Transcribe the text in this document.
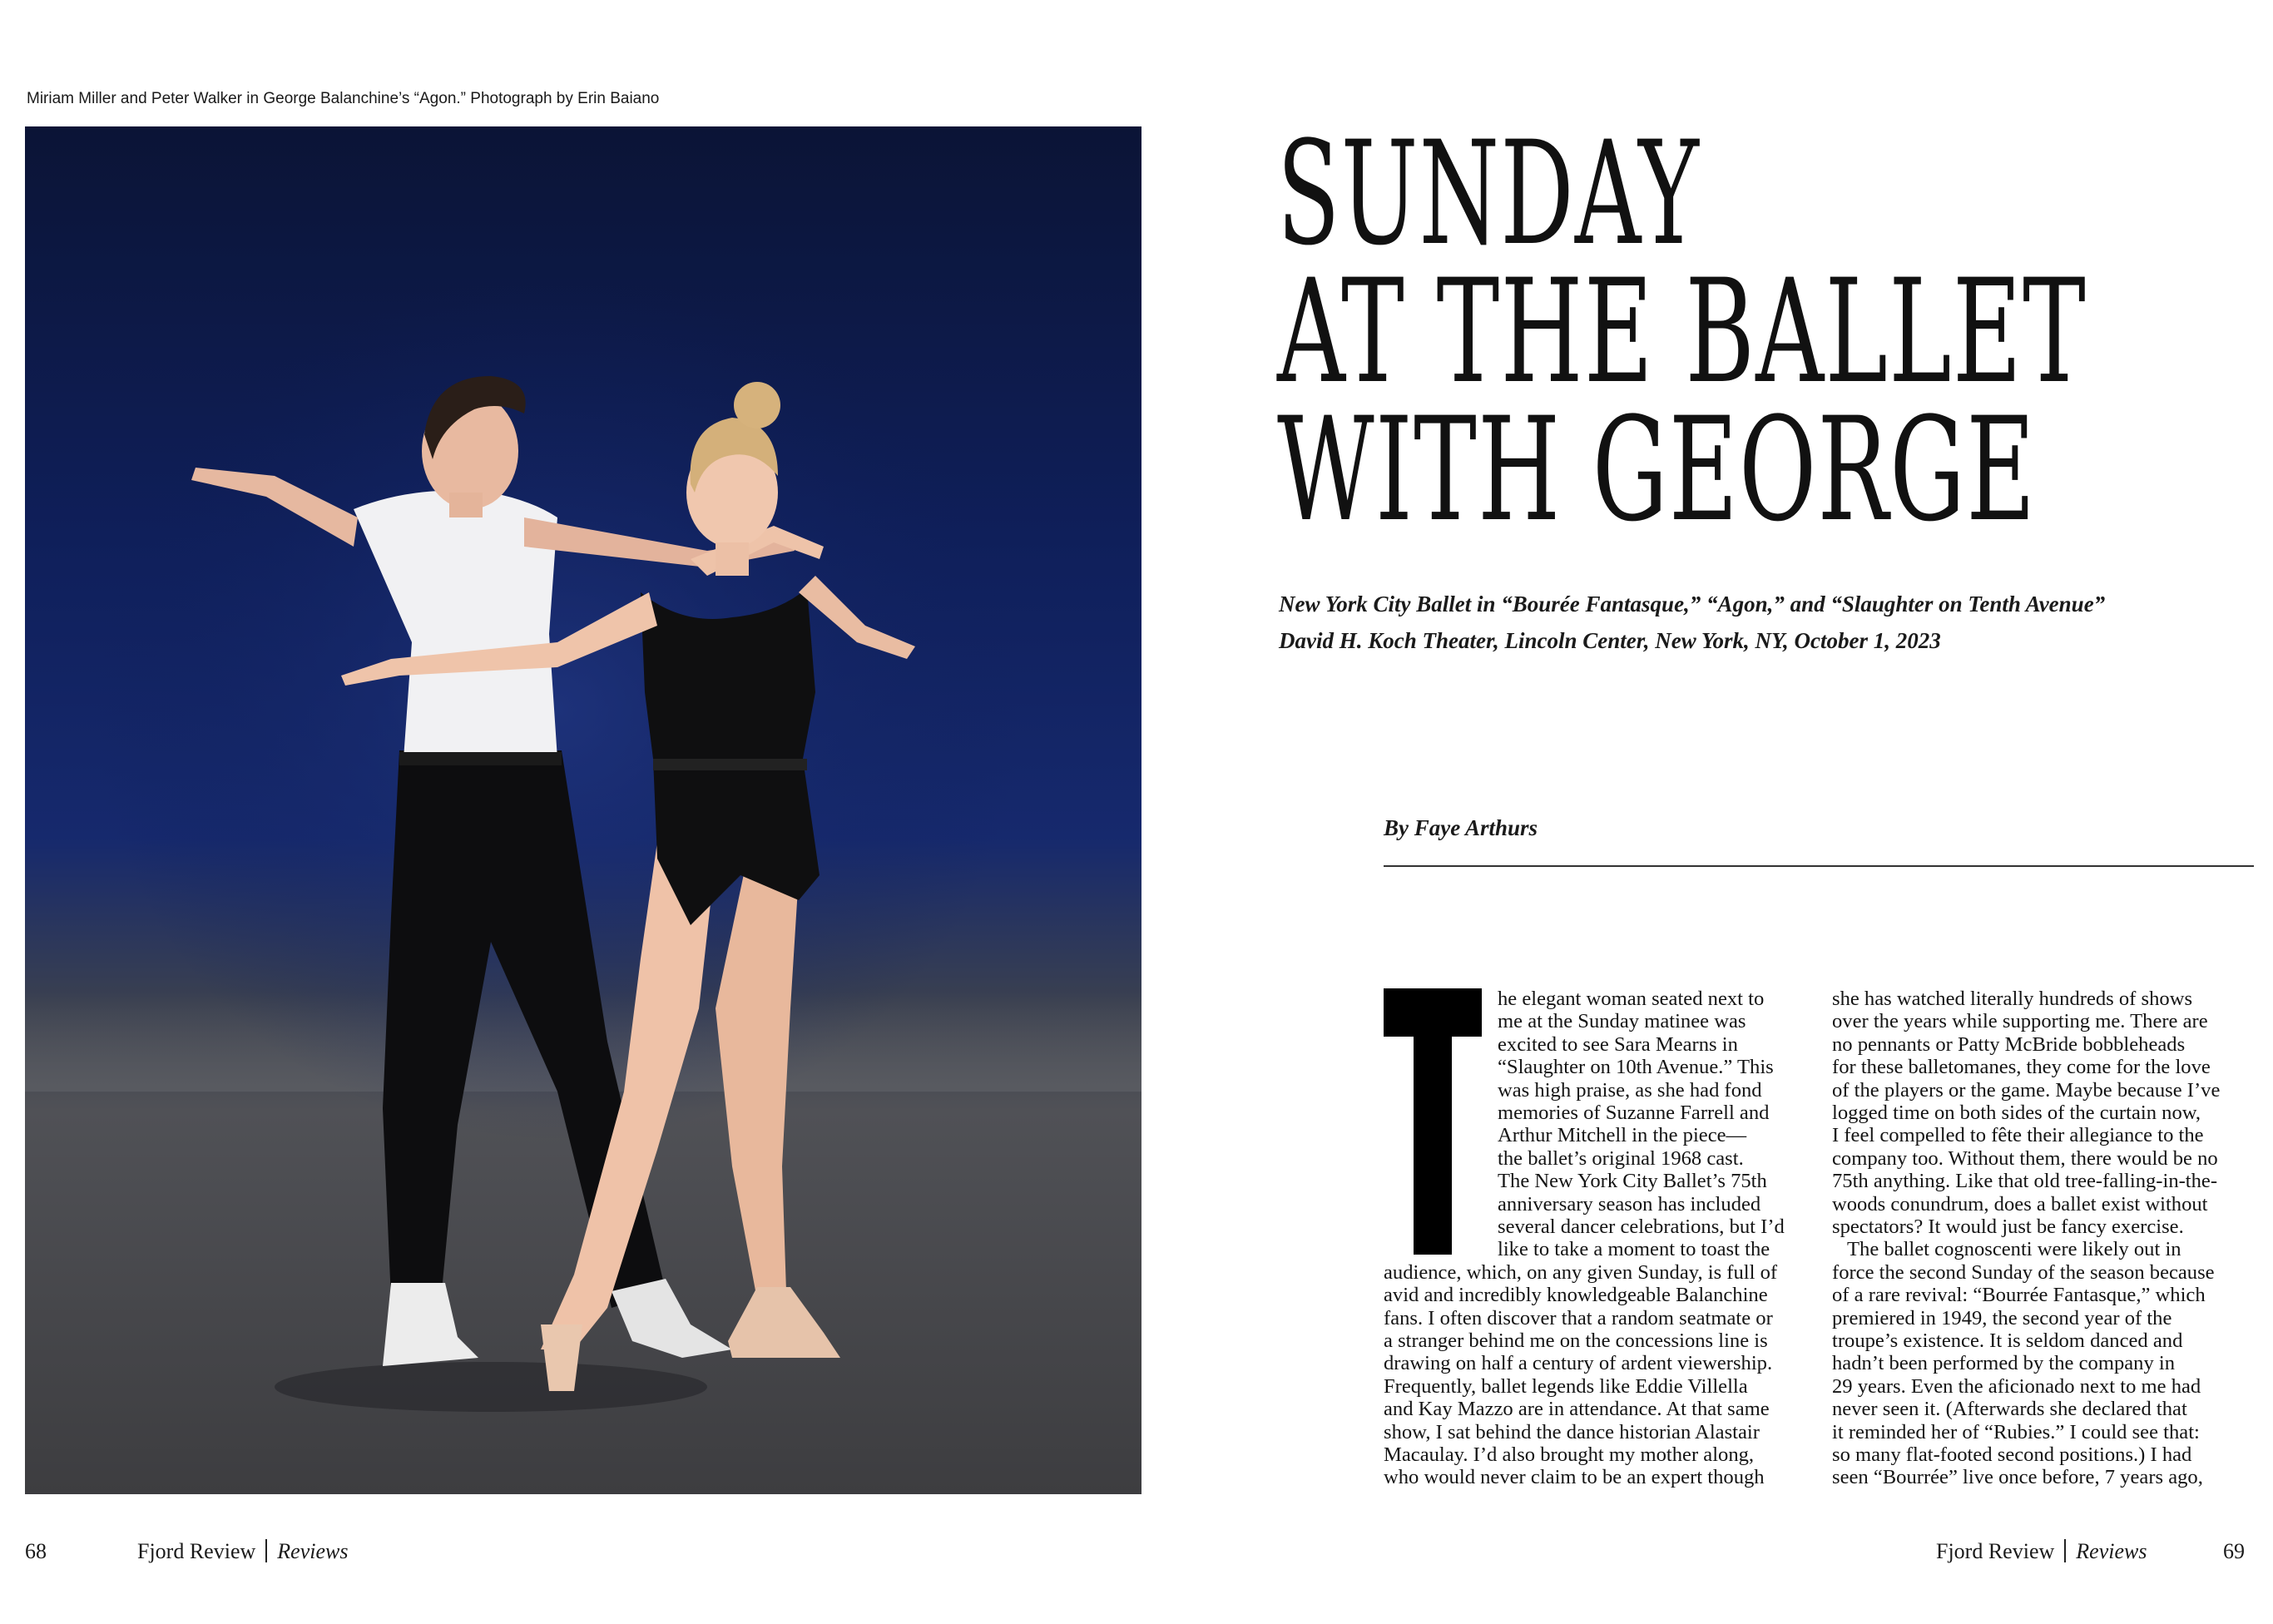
Miriam Miller and Peter Walker in George Balanchine’s “Agon.” Photograph by Erin Baiano
SUNDAY
AT THE BALLET
WITH GEORGE
New York City Ballet in “Bourée Fantasque,” “Agon,” and “Slaughter on Tenth Avenue”
David H. Koch Theater, Lincoln Center, New York, NY, October 1, 2023
By Faye Arthurs
68	Fjord Review Reviews	Fjord Review Reviews	69
he elegant woman seated next to
me at the Sunday matinee was
excited to see Sara Mearns in
“Slaughter on 10th Avenue.” This
was high praise, as she had fond
memories of Suzanne Farrell and
Arthur Mitchell in the piece—
the ballet’s original 1968 cast.
The New York City Ballet’s 75th
anniversary season has included
several dancer celebrations, but I’d
like to take a moment to toast the
audience, which, on any given Sunday, is full of
avid and incredibly knowledgeable Balanchine
fans. I often discover that a random seatmate or
a stranger behind me on the concessions line is
drawing on half a century of ardent viewership.
Frequently, ballet legends like Eddie Villella
and Kay Mazzo are in attendance. At that same
show, I sat behind the dance historian Alastair
Macaulay. I’d also brought my mother along,
who would never claim to be an expert though
she has watched literally hundreds of shows
over the years while supporting me. There are
no pennants or Patty McBride bobbleheads
for these balletomanes, they come for the love
of the players or the game. Maybe because I’ve
logged time on both sides of the curtain now,
I feel compelled to fête their allegiance to the
company too. Without them, there would be no
75th anything. Like that old tree-falling-in-the-
woods conundrum, does a ballet exist without
spectators? It would just be fancy exercise.
The ballet cognoscenti were likely out in
force the second Sunday of the season because
of a rare revival: “Bourrée Fantasque,” which
premiered in 1949, the second year of the
troupe’s existence. It is seldom danced and
hadn’t been performed by the company in
29 years. Even the aficionado next to me had
never seen it. (Afterwards she declared that
it reminded her of “Rubies.” I could see that:
so many flat-footed second positions.) I had
seen “Bourrée” live once before, 7 years ago,
